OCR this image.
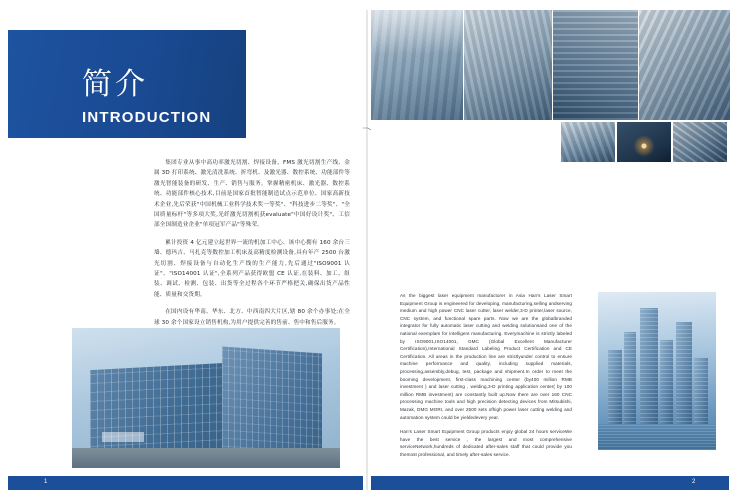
简介
INTRODUCTION

集团专业从事中高功率激光切割、焊接设备、FMS 激光切割生产线、金属 3D 打印系统、激光清洗系统、折弯机、及激光器、数控系统、功能部件等激光智能装备的研发、生产、销售与服务。掌握精密机床、激光器、数控系统、功能部件核心技术,目前是国家首批智能制造试点示范单位、国家高新技术企业,先后荣获"中国机械工业科学技术奖一等奖"、"科技进步二等奖"、"全国质量标杆"等多项大奖,光纤激光切割机获evaluate"中国好设计奖"、工信部全国制造业企业"单项冠军产品"等殊荣。

累计投资 4 亿元建立起世界一流的机加工中心、该中心拥有 160 余台三墙、德玛吉、马扎克等数控加工机床及高精度检测设备,具有年产 2500 台激光切割、焊接设备与自动化生产线的生产能力,先后通过"ISO9001 认证"、"ISO14001 认证",全系列产品获得欧盟 CE 认证,在装料、加工、组装、调试、检测、包装、出货等全过程各个环节严格把关,确保出货产品性能、质量和交货期。

在国内设有华南、华东、北方、中西南四大片区,辖 80 余个办事处;在全球 30 余个国家设立销售机构,为用户提供完善的售前、售中和售后服务。

As the biggest laser equipment manufacturer in Asia Han's Laser Smart Equipment Group is engineered for developing, manufacturing,selling andserving medium and high power CNC laser cutter, laser welder,3-D printer,laser source, CNC system, and functional spare parts. Now we are the globalbranded integrator for fully automatic laser cutting and welding solutionsand one of the national exemplars for intelligent manufacturing. Everymachine is strictly labeled by ISO9001,ISO14001, GMC (Global Excellent Manufacturer Certification),International Standard Labeling Product Certification and CE Certification. All areas in the production line are strictlyunder control to ensure machine performance and quality, including supplied materials, processing,assembly,debug, test, package and shipment.In order to meet the booming development, first-class machining center (by400 million RMB investment ) and laser cutting , welding,3-D printing application center( by 100 million RMB investment) are constantly built up.Now there are over 160 CNC processing machine tools and high precision detecting devices from Mitsubishi, Mazak, DMG MORI, and over 2500 sets ofhigh power laser cutting welding and automation system could be yieldedevery year.

Han's Laser Smart Equipment Group products enjoy global 24 hours serviceWe have the best service , the largest and most comprehensive serviceNetwork,hundreds of dedicated after-sales staff that could provide you themost professional, and timely after-sales service.

1	2
